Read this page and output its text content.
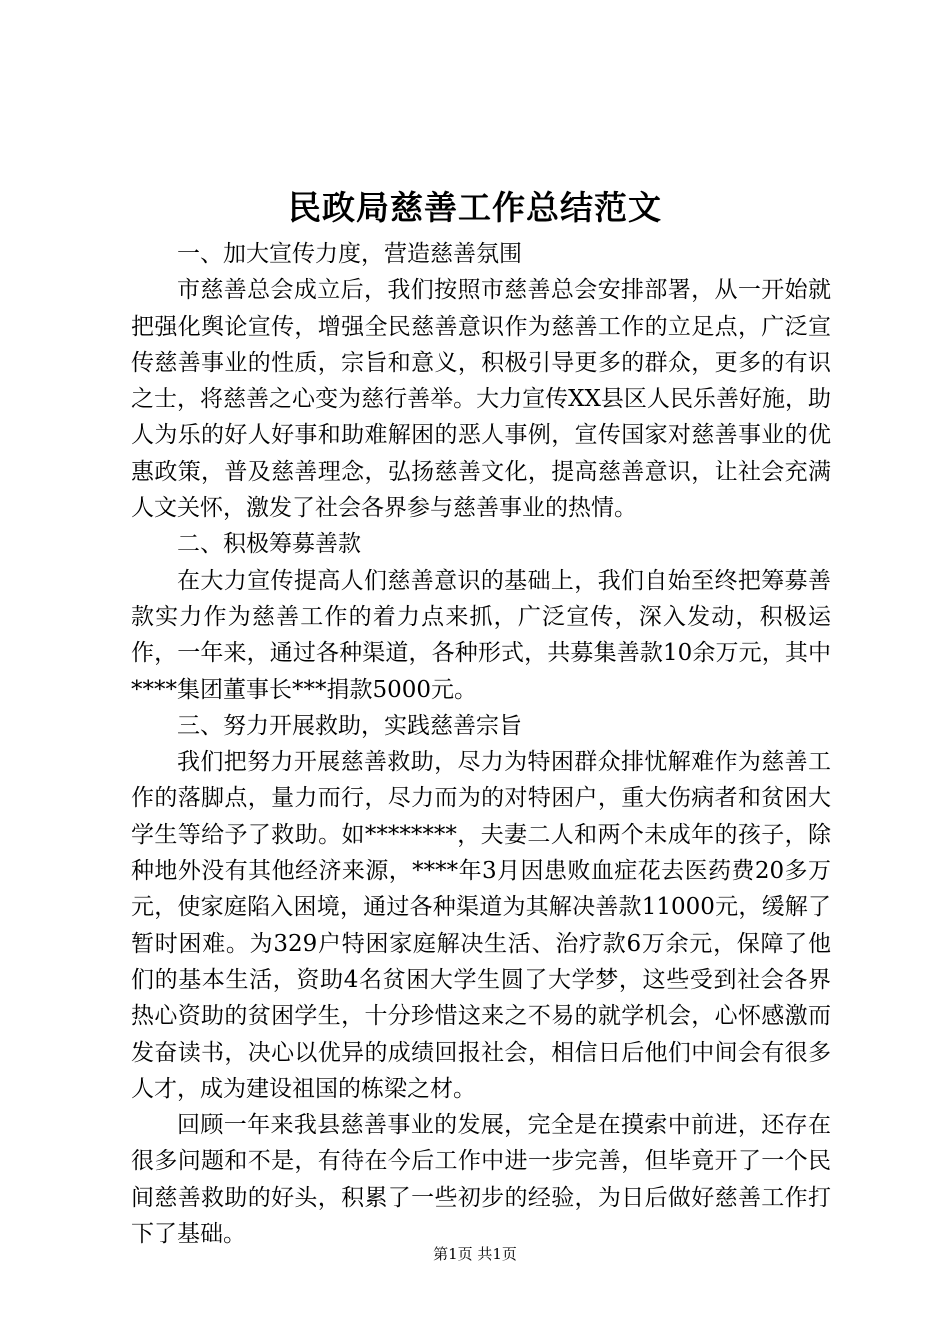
民政局慈善工作总结范文

一、加大宣传力度，营造慈善氛围

市慈善总会成立后，我们按照市慈善总会安排部署，从一开始就把强化舆论宣传，增强全民慈善意识作为慈善工作的立足点，广泛宣传慈善事业的性质，宗旨和意义，积极引导更多的群众，更多的有识之士，将慈善之心变为慈行善举。大力宣传XX县区人民乐善好施，助人为乐的好人好事和助难解困的恶人事例，宣传国家对慈善事业的优惠政策，普及慈善理念，弘扬慈善文化，提高慈善意识，让社会充满人文关怀，激发了社会各界参与慈善事业的热情。

二、积极筹募善款

在大力宣传提高人们慈善意识的基础上，我们自始至终把筹募善款实力作为慈善工作的着力点来抓，广泛宣传，深入发动，积极运作，一年来，通过各种渠道，各种形式，共募集善款10余万元，其中****集团董事长***捐款5000元。

三、努力开展救助，实践慈善宗旨

我们把努力开展慈善救助，尽力为特困群众排忧解难作为慈善工作的落脚点，量力而行，尽力而为的对特困户，重大伤病者和贫困大学生等给予了救助。如********，夫妻二人和两个未成年的孩子，除种地外没有其他经济来源，****年3月因患败血症花去医药费20多万元，使家庭陷入困境，通过各种渠道为其解决善款11000元，缓解了暂时困难。为329户特困家庭解决生活、治疗款6万余元，保障了他们的基本生活，资助4名贫困大学生圆了大学梦，这些受到社会各界热心资助的贫困学生，十分珍惜这来之不易的就学机会，心怀感激而发奋读书，决心以优异的成绩回报社会，相信日后他们中间会有很多人才，成为建设祖国的栋梁之材。

回顾一年来我县慈善事业的发展，完全是在摸索中前进，还存在很多问题和不是，有待在今后工作中进一步完善，但毕竟开了一个民间慈善救助的好头，积累了一些初步的经验，为日后做好慈善工作打下了基础。

第1页 共1页
